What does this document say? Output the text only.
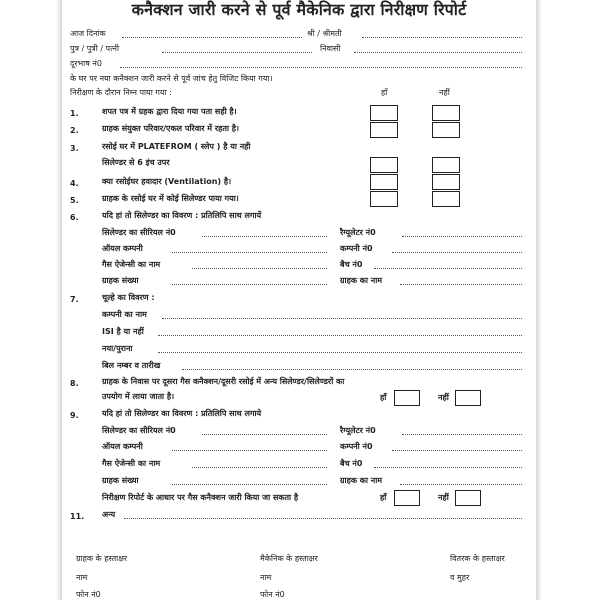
कनैक्शन जारी करने से पूर्व मैकेनिक द्वारा निरीक्षण रिपोर्ट
आज दिनांक	श्री / श्रीमती
पुत्र / पुत्री / पत्नी	निवासी
दूरभाष नं0
के घर पर नया कनैक्शन जारी करने से पूर्व जांच हेतु विजिट किया गया।
निरीक्षण के दौरान निम्न पाया गया :	हाँ	नहीं
1.	शपत पत्र में ग्रहक द्वारा दिया गया पता सही है।
2.	ग्राहक संयुक्त परिवार/एकल परिवार में रहता है।
3.	रसोई घर में PLATEFROM ( स्लेप ) है या नही
सिलेण्डर से 6 इंच उपर
4.	क्या रसोईघर हवादार (Ventilation) है।
5.	ग्राहक के रसोई घर में कोई सिलेण्डर पाया गया।
6.	यदि हां तो सिलेण्डर का विवरण : प्रतिलिपि साथ लगायें
सिलेण्डर का सीरियल नं0	रैग्यूलेटर नं0
ऑयल कम्पनी	कम्पनी नं0
गैस ऐजेन्सी का नाम	बैच नं0
ग्राहक संख्या	ग्राहक का नाम
7.	चूल्हे का विवरण :
कम्पनी का नाम
ISI है या नहीं
नया/पुराना
बिल नम्बर व तारीख
8.	ग्राहक के निवास पर दूसरा गैस कनैक्शन/दूसरी रसोई में अन्य सिलेण्डर/सिलेण्डरों का
उपयोग में लाया जाता है।	हाँ	नहीं
9.	यदि हां तो सिलेण्डर का विवरण : प्रतिलिपि साथ लगाये
सिलेण्डर का सीरियल नं0	रैग्यूलेटर नं0
ऑयल कम्पनी	कम्पनी नं0
गैस ऐजेन्सी का नाम	बैच नं0
ग्राहक संख्या	ग्राहक का नाम
निरीक्षण रिपोर्ट के आधार पर गैस कनैक्शन जारी किया जा सकता है	हाँ	नहीं
11. अन्य
ग्राहक के हस्ताक्षर	मैकेनिक के हस्ताक्षर	वितरक के हस्ताक्षर
नाम	नाम	व मुहर
फोन नं0	फोन नं0
